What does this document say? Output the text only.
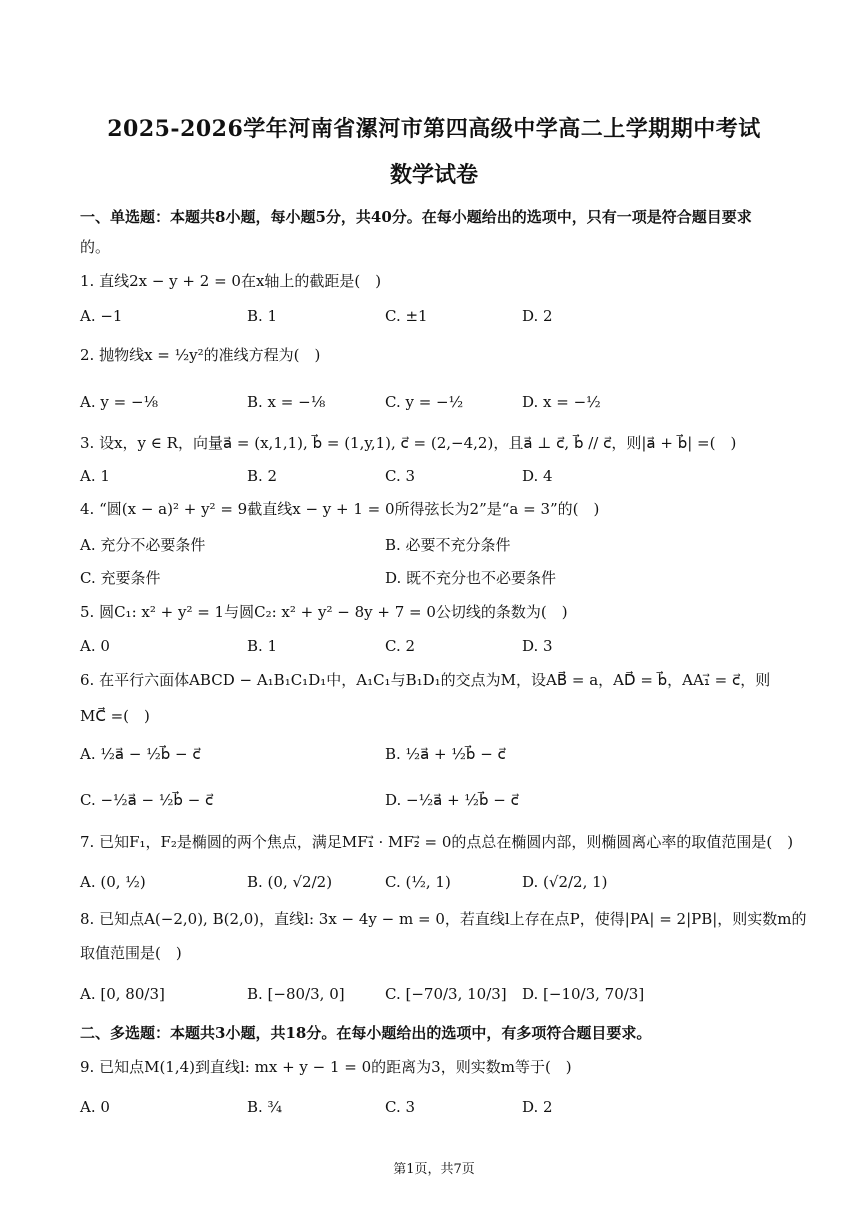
2025-2026学年河南省漯河市第四高级中学高二上学期期中考试
数学试卷
一、单选题：本题共8小题，每小题5分，共40分。在每小题给出的选项中，只有一项是符合题目要求
的。
1. 直线2x − y + 2 = 0在x轴上的截距是(　)
A. −1	B. 1	C. ±1	D. 2
2. 抛物线x = ½y²的准线方程为(　)
A. y = −⅛	B. x = −⅛	C. y = −½	D. x = −½
3. 设x，y ∈ R，向量a⃗ = (x,1,1), b⃗ = (1,y,1), c⃗ = (2,−4,2)，且a⃗ ⊥ c⃗, b⃗ // c⃗，则|a⃗ + b⃗| =(　)
A. 1	B. 2	C. 3	D. 4
4. “圆(x − a)² + y² = 9截直线x − y + 1 = 0所得弦长为2”是“a = 3”的(　)
A. 充分不必要条件	B. 必要不充分条件
C. 充要条件	D. 既不充分也不必要条件
5. 圆C₁: x² + y² = 1与圆C₂: x² + y² − 8y + 7 = 0公切线的条数为(　)
A. 0	B. 1	C. 2	D. 3
6. 在平行六面体ABCD − A₁B₁C₁D₁中，A₁C₁与B₁D₁的交点为M，设AB⃗ = a，AD⃗ = b⃗，AA₁⃗ = c⃗，则
MC⃗ =(　)
A. ½a⃗ − ½b⃗ − c⃗	B. ½a⃗ + ½b⃗ − c⃗
C. −½a⃗ − ½b⃗ − c⃗	D. −½a⃗ + ½b⃗ − c⃗
7. 已知F₁，F₂是椭圆的两个焦点，满足MF₁⃗ · MF₂⃗ = 0的点总在椭圆内部，则椭圆离心率的取值范围是(　)
A. (0, ½)	B. (0, √2/2)	C. (½, 1)	D. (√2/2, 1)
8. 已知点A(−2,0), B(2,0)，直线l: 3x − 4y − m = 0，若直线l上存在点P，使得|PA| = 2|PB|，则实数m的
取值范围是(　)
A. [0, 80/3]	B. [−80/3, 0]	C. [−70/3, 10/3] D. [−10/3, 70/3]
二、多选题：本题共3小题，共18分。在每小题给出的选项中，有多项符合题目要求。
9. 已知点M(1,4)到直线l: mx + y − 1 = 0的距离为3，则实数m等于(　)
A. 0	B. ¾	C. 3	D. 2
第1页，共7页
